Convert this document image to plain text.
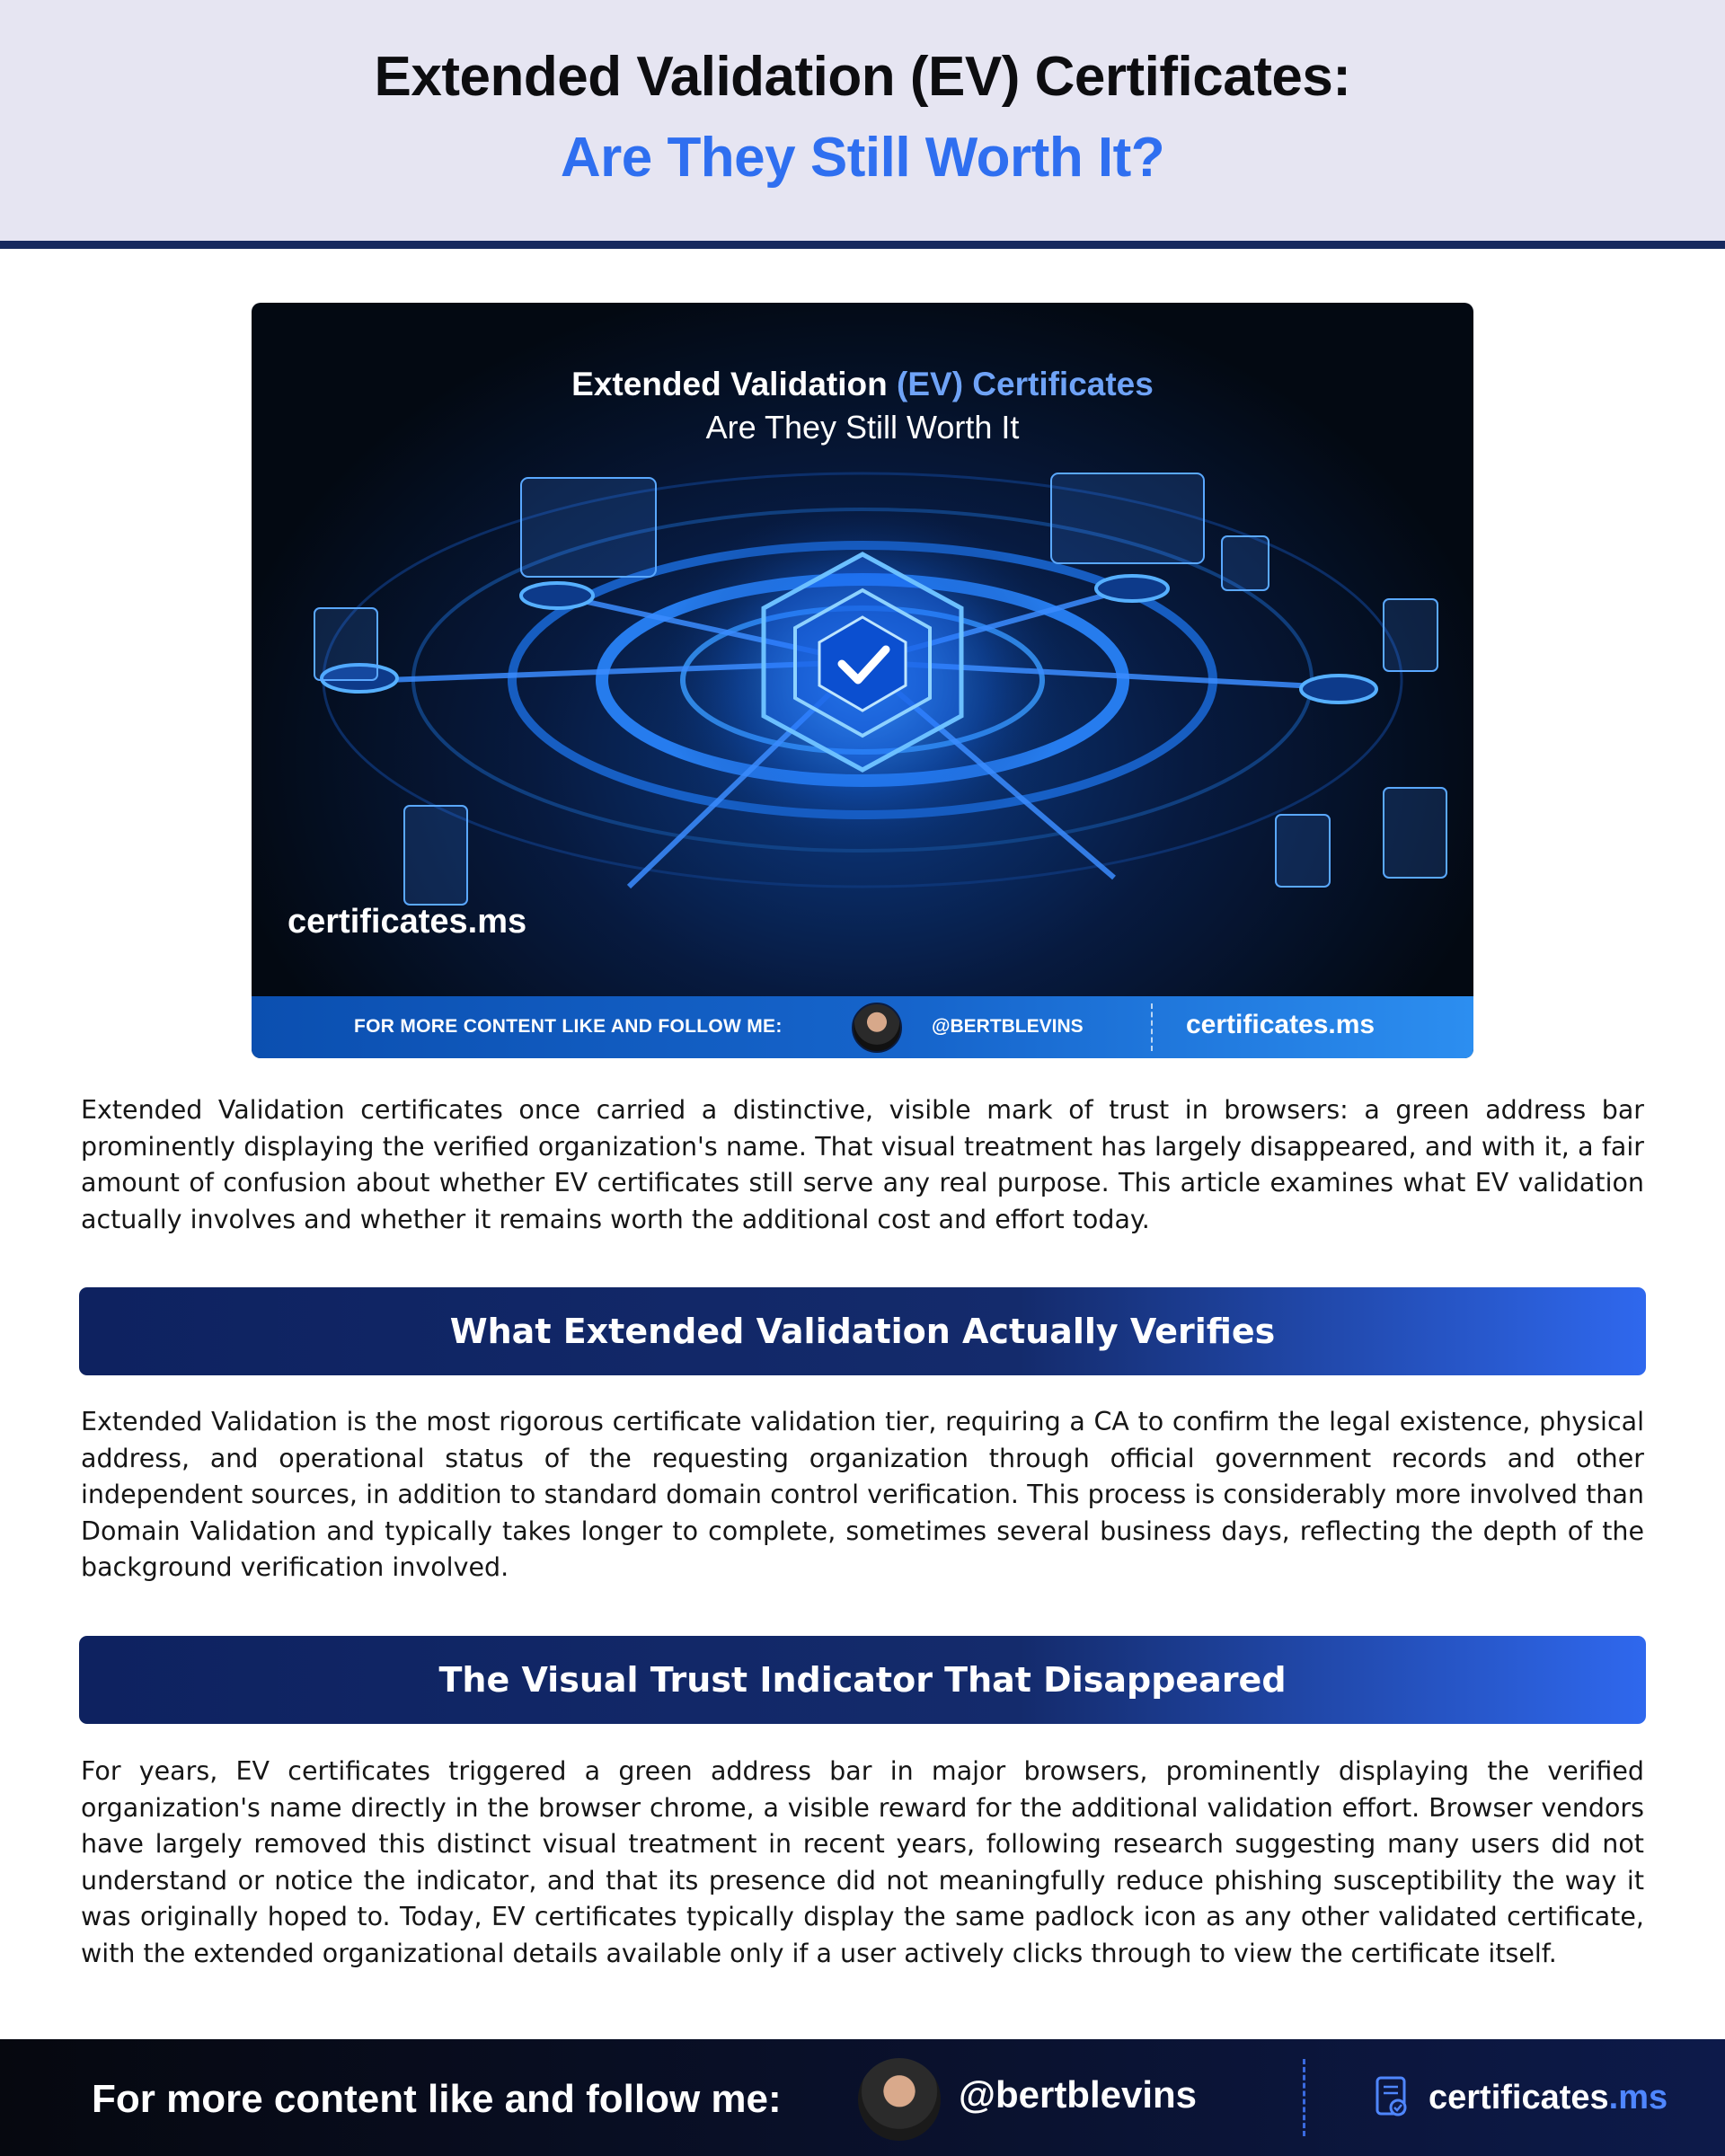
Extended Validation (EV) Certificates:
Are They Still Worth It?
Extended Validation (EV) Certificates
Are They Still Worth It
certificates.ms
FOR MORE CONTENT LIKE AND FOLLOW ME:	@BERTBLEVINS	certificates.ms

Extended Validation certificates once carried a distinctive, visible mark of trust in browsers: a green address bar prominently displaying the verified organization's name. That visual treatment has largely disappeared, and with it, a fair amount of confusion about whether EV certificates still serve any real purpose. This article examines what EV validation actually involves and whether it remains worth the additional cost and effort today.

What Extended Validation Actually Verifies

Extended Validation is the most rigorous certificate validation tier, requiring a CA to confirm the legal existence, physical address, and operational status of the requesting organization through official government records and other independent sources, in addition to standard domain control verification. This process is considerably more involved than Domain Validation and typically takes longer to complete, sometimes several business days, reflecting the depth of the background verification involved.

The Visual Trust Indicator That Disappeared

For years, EV certificates triggered a green address bar in major browsers, prominently displaying the verified organization's name directly in the browser chrome, a visible reward for the additional validation effort. Browser vendors have largely removed this distinct visual treatment in recent years, following research suggesting many users did not understand or notice the indicator, and that its presence did not meaningfully reduce phishing susceptibility the way it was originally hoped to. Today, EV certificates typically display the same padlock icon as any other validated certificate, with the extended organizational details available only if a user actively clicks through to view the certificate itself.

For more content like and follow me:	@bertblevins	certificates.ms
